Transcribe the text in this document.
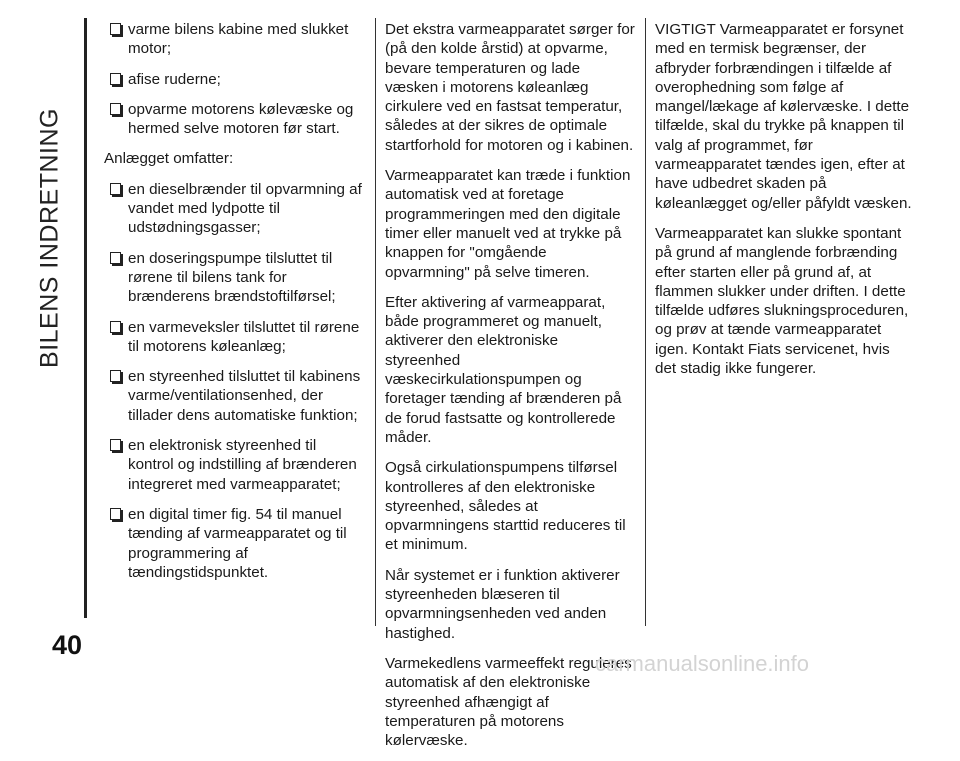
BILENS INDRETNING
40
varme bilens kabine med slukket motor;
afise ruderne;
opvarme motorens kølevæske og hermed selve motoren før start.
Anlægget omfatter:
en dieselbrænder til opvarmning af vandet med lydpotte til udstødningsgasser;
en doseringspumpe tilsluttet til rørene til bilens tank for brænderens brændstoftilførsel;
en varmeveksler tilsluttet til rørene til motorens køleanlæg;
en styreenhed tilsluttet til kabinens varme/ventilationsenhed, der tillader dens automatiske funktion;
en elektronisk styreenhed til kontrol og indstilling af brænderen integreret med varmeapparatet;
en digital timer fig. 54 til manuel tænding af varmeapparatet og til programmering af tændingstidspunktet.

Det ekstra varmeapparatet sørger for (på den kolde årstid) at opvarme, bevare temperaturen og lade væsken i motorens køleanlæg cirkulere ved en fastsat temperatur, således at der sikres de optimale startforhold for motoren og i kabinen.

Varmeapparatet kan træde i funktion automatisk ved at foretage programmeringen med den digitale timer eller manuelt ved at trykke på knappen for "omgående opvarmning" på selve timeren.

Efter aktivering af varmeapparat, både programmeret og manuelt, aktiverer den elektroniske styreenhed væskecirkulationspumpen og foretager tænding af brænderen på de forud fastsatte og kontrollerede måder.

Også cirkulationspumpens tilførsel kontrolleres af den elektroniske styreenhed, således at opvarmningens starttid reduceres til et minimum.

Når systemet er i funktion aktiverer styreenheden blæseren til opvarmningsenheden ved anden hastighed.

Varmekedlens varmeeffekt reguleres automatisk af den elektroniske styreenhed afhængigt af temperaturen på motorens kølervæske.

VIGTIGT Varmeapparatet er forsynet med en termisk begrænser, der afbryder forbrændingen i tilfælde af overophedning som følge af mangel/lækage af kølervæske. I dette tilfælde, skal du trykke på knappen til valg af programmet, før varmeapparatet tændes igen, efter at have udbedret skaden på køleanlægget og/eller påfyldt væsken.

Varmeapparatet kan slukke spontant på grund af manglende forbrænding efter starten eller på grund af, at flammen slukker under driften. I dette tilfælde udføres slukningsproceduren, og prøv at tænde varmeapparatet igen. Kontakt Fiats servicenet, hvis det stadig ikke fungerer.

carmanualsonline.info
